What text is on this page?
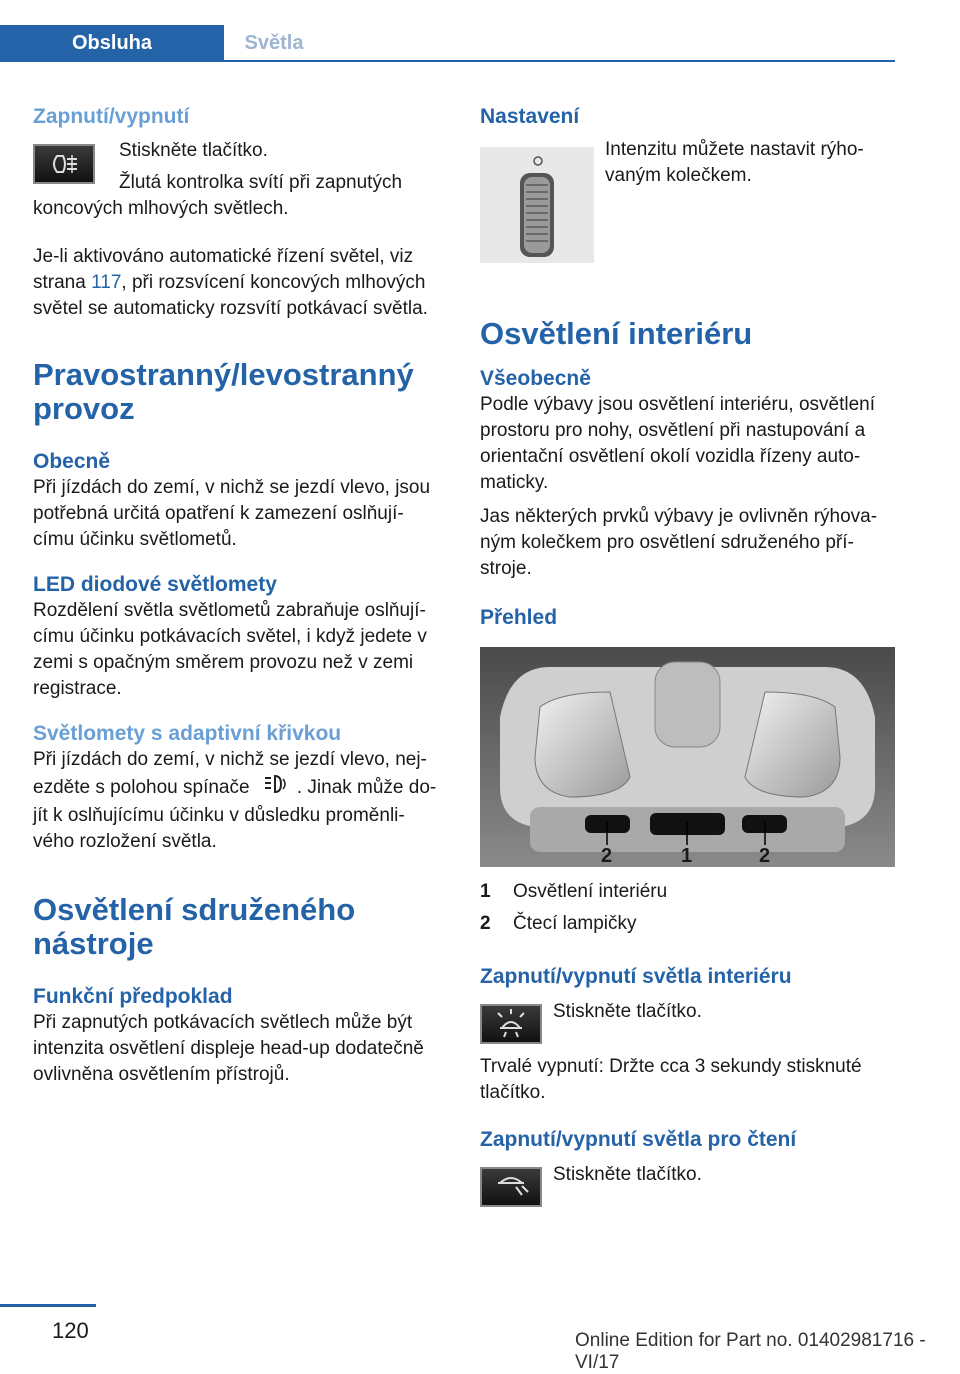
Obsluha	Světla
Zapnutí/vypnutí
Stiskněte tlačítko.
Žlutá kontrolka svítí při zapnutých
koncových mlhových světlech.
Je-li aktivováno automatické řízení světel, viz
strana 117, při rozsvícení koncových mlhových
světel se automaticky rozsvítí potkávací světla.
Pravostranný/levostranný
provoz
Obecně
Při jízdách do zemí, v nichž se jezdí vlevo, jsou
potřebná určitá opatření k zamezení oslňují‐
címu účinku světlometů.
LED diodové světlomety
Rozdělení světla světlometů zabraňuje oslňují‐
címu účinku potkávacích světel, i když jedete v
zemi s opačným směrem provozu než v zemi
registrace.
Světlomety s adaptivní křivkou
Při jízdách do zemí, v nichž se jezdí vlevo, nej‐
ezděte s polohou spínače . Jinak může do‐
jít k oslňujícímu účinku v důsledku proměnli‐
vého rozložení světla.
Osvětlení sdruženého
nástroje
Funkční předpoklad
Při zapnutých potkávacích světlech může být
intenzita osvětlení displeje head-up dodatečně
ovlivněna osvětlením přístrojů.
Nastavení
Intenzitu můžete nastavit rýho‐
vaným kolečkem.
Osvětlení interiéru
Všeobecně
Podle výbavy jsou osvětlení interiéru, osvětlení
prostoru pro nohy, osvětlení při nastupování a
orientační osvětlení okolí vozidla řízeny auto‐
maticky.
Jas některých prvků výbavy je ovlivněn rýhova‐
ným kolečkem pro osvětlení sdruženého pří‐
stroje.
Přehled
2	1	2
1 Osvětlení interiéru
2 Čtecí lampičky
Zapnutí/vypnutí světla interiéru
Stiskněte tlačítko.
Trvalé vypnutí: Držte cca 3 sekundy stisknuté
tlačítko.
Zapnutí/vypnutí světla pro čtení
Stiskněte tlačítko.
120	Online Edition for Part no. 01402981716 - VI/17
